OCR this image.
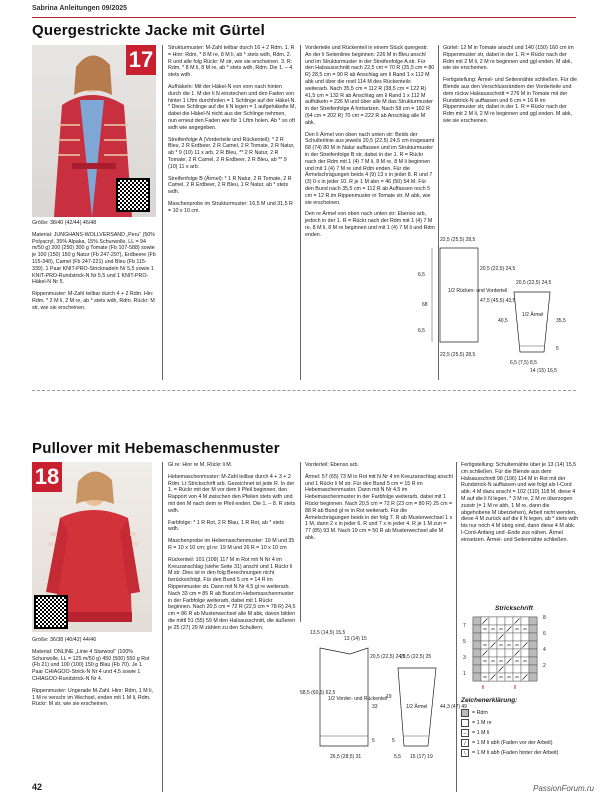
Sabrina Anleitungen 09/2025
Quergestrickte Jacke mit Gürtel
17

Größe: 38/40 (42/44) 46/48

Material: JUNGHANS-WOLLVERSAND „Peru“ (50% Polyacryl, 35% Alpaka, 15% Schurwolle, LL = 94 m/50 g) 200 (250) 300 g Tomate (Fb 107-588) sowie je 100 (150) 150 g Natur (Fb 247-297), Erdbeere (Fb 115-340), Camel (Fb 247-221) und Bleu (Fb 115-339). 1 Paar KNIT-PRO-Stricknadeln Nr 5,5 sowie 1 KNIT-PRO-Rundstrick-N Nr 5,5 und 1 KNIT-PRO-Häkel-N Nr 5.

Rippenmuster: M-Zahl teilbar durch 4 + 2 Rdm. Hin: Rdm, * 2 M li, 2 M re, ab * stets wdh, Rdm. Rückr: M str, wie sie erscheinen.

Strukturmuster: M-Zahl teilbar durch 16 + 2 Rdm. 1. R = Hinr: Rdm, * 8 M re, 8 M li, ab * stets wdh, Rdm. 2. R und alle folg Rückr: M str, wie sie erscheinen. 3. R: Rdm, * 8 M li, 8 M re, ab * stets wdh, Rdm. Die 1. – 4. stets wdh.

Aufhäkeln: Mit der Häkel-N von vorn nach hinten durch die 1. M der li N einstechen und den Faden von hinter 1 Lftm durchholen = 1 Schlinge auf der Häkel-N. * Diese Schlinge auf die li N legen = 1 aufgehäkelte M, dabei die Häkel-N nicht aus der Schlinge nehmen, nun erneut den Faden wie für 1 Lftm holen. Ab * so oft wdh wie angegeben.

Streifenfolge A (Vorderteile und Rückenteil): * 2 R Bleu, 2 R Erdbeer, 2 R Camel, 2 R Tomate, 2 R Natur, ab * 9 (10) 11 x arb, 2 R Bleu, ** 2 R Natur, 2 R Tomate, 2 R Camel, 2 R Erdbeer, 2 R Bleu, ab ** 9 (10) 11 x arb.

Streifenfolge B (Ärmel): * 1 R Natur, 2 R Tomate, 2 R Camel, 2 R Erdbeer, 2 R Bleu, 1 R Natur, ab * stets wdh.

Maschenprobe im Strukturmuster: 16,5 M und 31,5 R = 10 x 10 cm.

Vorderteile und Rückenteil in einem Stück quergestr. An der li Seitenlinie beginnen: 226 M in Bleu anschl und im Strukturmuster in der Streifenfolge A str. Für den Halsausschnitt nach 22,5 cm = 70 R (25,5 cm = 80 R) 28,5 cm = 90 R ab Anschlag am li Rand 1 x 112 M abk und über die restl 114 M des Rückenteils weiterarb. Nach 35,5 cm = 112 R (38,5 cm = 122 R) 41,5 cm = 132 R ab Anschlag am li Rand 1 x 112 M aufhäkeln = 226 M und über alle M das Strukturmuster in der Streifenfolge A fortsetzen. Nach 58 cm = 182 R (64 cm = 202 R) 70 cm = 222 R ab Anschlag alle M abk.

Den li Ärmel von oben nach unten str: Beids der Schulterlinie aus jeweils 20,5 (22,5) 24,5 cm insgesamt 68 (74) 80 M in Natur auffassen und im Strukturmuster in der Streifenfolge B str, dabei in der 1. R = Rückr nach der Rdm mit 1 (4) 7 M li, 8 M re, 8 M li beginnen und mit 1 (4) 7 M re und Rdm enden. Für die Ärmelschrägungen beids 4 (9) 13 x in jeder 8. R und 7 (3) 0 x in jeder 10. R je 1 M abn = 46 (50) 54 M. Für den Bund nach 35,5 cm = 112 R ab Auffassen noch 5 cm = 12 R im Rippenmuster in Tomate str. M abk, wie sie erscheinen.

Den re Ärmel von oben nach unten str: Ebenso arb, jedoch in der 1. R = Rückr nach der Rdm mit 1 (4) 7 M re, 8 M li, 8 M re beginnen und mit 1 (4) 7 M li und Rdm enden.

Gürtel: 12 M in Tomate anschl und 140 (150) 160 cm im Rippenmuster str, dabei in der 1. R = Rückr nach der Rdm mit 2 M li, 2 M re beginnen und ggl enden. M abk, wie sie erscheinen.

Fertigstellung: Ärmel- und Seitennähte schließen. Für die Blende aus den Verschlussrändern der Vorderteile und dem rückw Halsausschnitt = 276 M in Tomate mit der Rundstrick-N auffassen und 6 cm = 16 R im Rippenmuster str, dabei in der 1. R = Rückr nach der Rdm mit 2 M li, 2 M re beginnen und ggl enden. M abk, wie sie erscheinen.

1/2 Rücken- und Vorderteil
22,5 (25,5) 28,5
6,5
20,5 (22,5) 24,5
47,5 (45,5) 43,5
68
22,5 (25,5) 28,5
6,5
1/2 Ärmel
20,5 (22,5) 24,5
40,5	35,5
5
6,5 (7,5) 8,5
14 (15) 16,5
Pullover mit Hebemaschenmuster
18

Größe: 36/38 (40/42) 44/46

Material: ONLINE „Linie 4 Starwool“ (100% Schurwolle, LL = 125 m/50 g) 450 (500) 550 g Rot (Fb 21) und 100 (100) 150 g Blau (Fb 70). Je 1 Paar CHIAGOO-Strick-N Nr 4 und 4,5 sowie 1 CHIAGOO-Rundstrick-N Nr 4.

Rippenmuster: Ungerade M-Zahl. Hinr: Rdm, 1 M li, 1 M re verschr im Wechsel, enden mit 1 M li, Rdm. Rückr: M str, wie sie erscheinen.

Gl re: Hinr re M, Rückr li M.

Hebemaschenmuster: M-Zahl teilbar durch 4 + 3 + 2 Rdm. Lt Strickschrift arb. Gezeichnet ist jede R. In der 1. = Rückr mit der M vor dem li Pfeil beginnen, den Rapport von 4 M zwischen den Pfeilen stets wdh und mit den M nach dem re Pfeil enden. Die 1. – 8. R stets wdh.

Farbfolge: * 1 R Rot, 2 R Blau, 1 R Rot, ab * stets wdh.

Maschenprobe im Hebemaschenmuster: 19 M und 35 R = 10 x 10 cm; gl re: 19 M und 26 R = 10 x 10 cm

Rückenteil: 101 (109) 117 M in Rot mit N Nr 4 im Kreuzanschlag (siehe Seite 31) anschl und 1 Rückr li M str. Dies ist in den folg Berechnungen nicht berücksichtigt. Für den Bund 5 cm = 14 R im Rippenmuster str. Dann mit N Nr 4,5 gl re weiterarb. Nach 33 cm = 85 R ab Bund im Hebemaschenmuster in der Farbfolge weiterarb, dabei mit 1 Rückr beginnen. Nach 20,5 cm = 72 R (22,5 cm = 78 R) 24,5 cm = 86 R ab Musterwechsel alle M abk, davon bilden die mittl 51 (55) 59 M den Halsausschnitt, die äußeren je 25 (27) 29 M zählen zu den Schultern.

Vorderteil: Ebenso arb.

Ärmel: 57 (65) 73 M in Rot mit N Nr 4 im Kreuzanschlag anschl und 1 Rückr li M str. Für den Bund 5 cm = 15 R im Hebemaschenmuster. Dann mit N Nr 4,5 im Hebemaschenmuster in der Farbfolge weiterarb, dabei mit 1 Rückr beginnen. Nach 20,5 cm = 72 R (23 cm = 80 R) 25 cm = 88 R ab Bund gl re in Rot weiterarb. Für die Ärmelschrägungen beids in der folg 7. R ab Musterwechsel 1 x 1 M, dann 2 x in jeder 6. R und 7 x in jeder 4. R je 1 M zun = 77 (85) 93 M. Nach 19 cm = 50 R ab Musterwechsel alle M abk.

Fertigstellung: Schulternähte über je 13 (14) 15,5 cm schließen. Für die Blende aus dem Halsausschnitt 98 (106) 114 M in Rot mit der Rundstrick-N auffassen und wie folgt als I-Cord abk: 4 M dazu anschl = 102 (110) 118 M, diese 4 M auf die li N legen, * 3 M re, 2 M re überzogen zusstr (= 1 M re abh, 1 M re, dann die abgehobene M überziehen), Arbeit nicht wenden, diese 4 M zurück auf die li N legen, ab * stets wdh bis nur noch 4 M übrig sind, dann diese 4 M abk. I-Cord-Anfang und -Ende zus nähen. Ärmel einsetzen. Ärmel- und Seitennähte schließen.

Strickschrift
7
5
3
1
8
6
4
2
Zeichenerklärung:
= Rdm
= 1 M re
–	= 1 M li
/	= 1 M li abh (Faden vor der Arbeit)
\	= 1 M li abh (Faden hinter der Arbeit)
13,5 (14,5) 15,5
13 (14) 15
20,5 (22,5) 24,5
58,5 (60,5) 62,5
33
5
1/2 Vorder- und Rückenteil
26,5 (28,5) 31
20,5 (22,5) 25
19
44,3 (47) 49
1/2 Ärmel
5
5,5 15 (17) 19
42	PassionForum.ru
